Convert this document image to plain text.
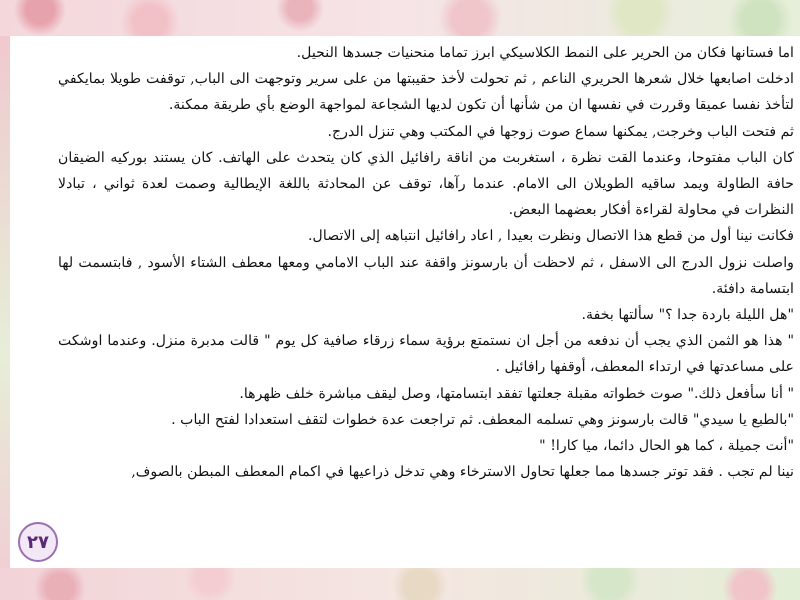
اما فستانها فكان من الحرير على النمط الكلاسيكي ابرز تماما منحنيات جسدها النحيل.

ادخلت اصابعها خلال شعرها الحريري الناعم , ثم تحولت لأخذ حقيبتها من على سرير وتوجهت الى الباب, توقفت طويلا بمايكفي لتأخذ نفسا عميقا وقررت في نفسها ان من شأنها أن تكون لديها الشجاعة لمواجهة الوضع بأي طريقة ممكنة.

ثم فتحت الباب وخرجت, يمكنها سماع صوت زوجها في المكتب وهي تنزل الدرج.

كان الباب مفتوحا، وعندما القت نظرة ، استغربت من اناقة رافائيل الذي كان يتحدث على الهاتف. كان يستند بوركيه الضيقان حافة الطاولة ويمد ساقيه الطويلان الى الامام. عندما رآها، توقف عن المحادثة باللغة الإيطالية وصمت لعدة ثواني ، تبادلا النظرات في محاولة لقراءة أفكار بعضهما البعض.

فكانت نينا أول من قطع هذا الاتصال ونظرت بعيدا , اعاد رافائيل انتباهه إلى الاتصال.

واصلت نزول الدرج الى الاسفل ، ثم لاحظت أن بارسونز واقفة عند الباب الامامي ومعها معطف الشتاء الأسود , فابتسمت لها ابتسامة دافئة.

"هل الليلة باردة جدا ؟" سألتها بخفة.

" هذا هو الثمن الذي يجب أن ندفعه من أجل ان نستمتع برؤية سماء زرقاء صافية كل يوم " قالت مدبرة منزل. وعندما اوشكت على مساعدتها في ارتداء المعطف، أوقفها رافائيل .

" أنا سأفعل ذلك." صوت خطواته مقبلة جعلتها تفقد ابتسامتها، وصل ليقف مباشرة خلف ظهرها.

"بالطبع يا سيدي" قالت بارسونز وهي تسلمه المعطف. ثم تراجعت عدة خطوات لتقف استعدادا لفتح الباب .

"أنت جميلة ، كما هو الحال دائما، ميا كارا! "

نينا لم تجب . فقد توتر جسدها مما جعلها تحاول الاسترخاء وهي تدخل ذراعيها في اكمام المعطف المبطن بالصوف,

٢٧
